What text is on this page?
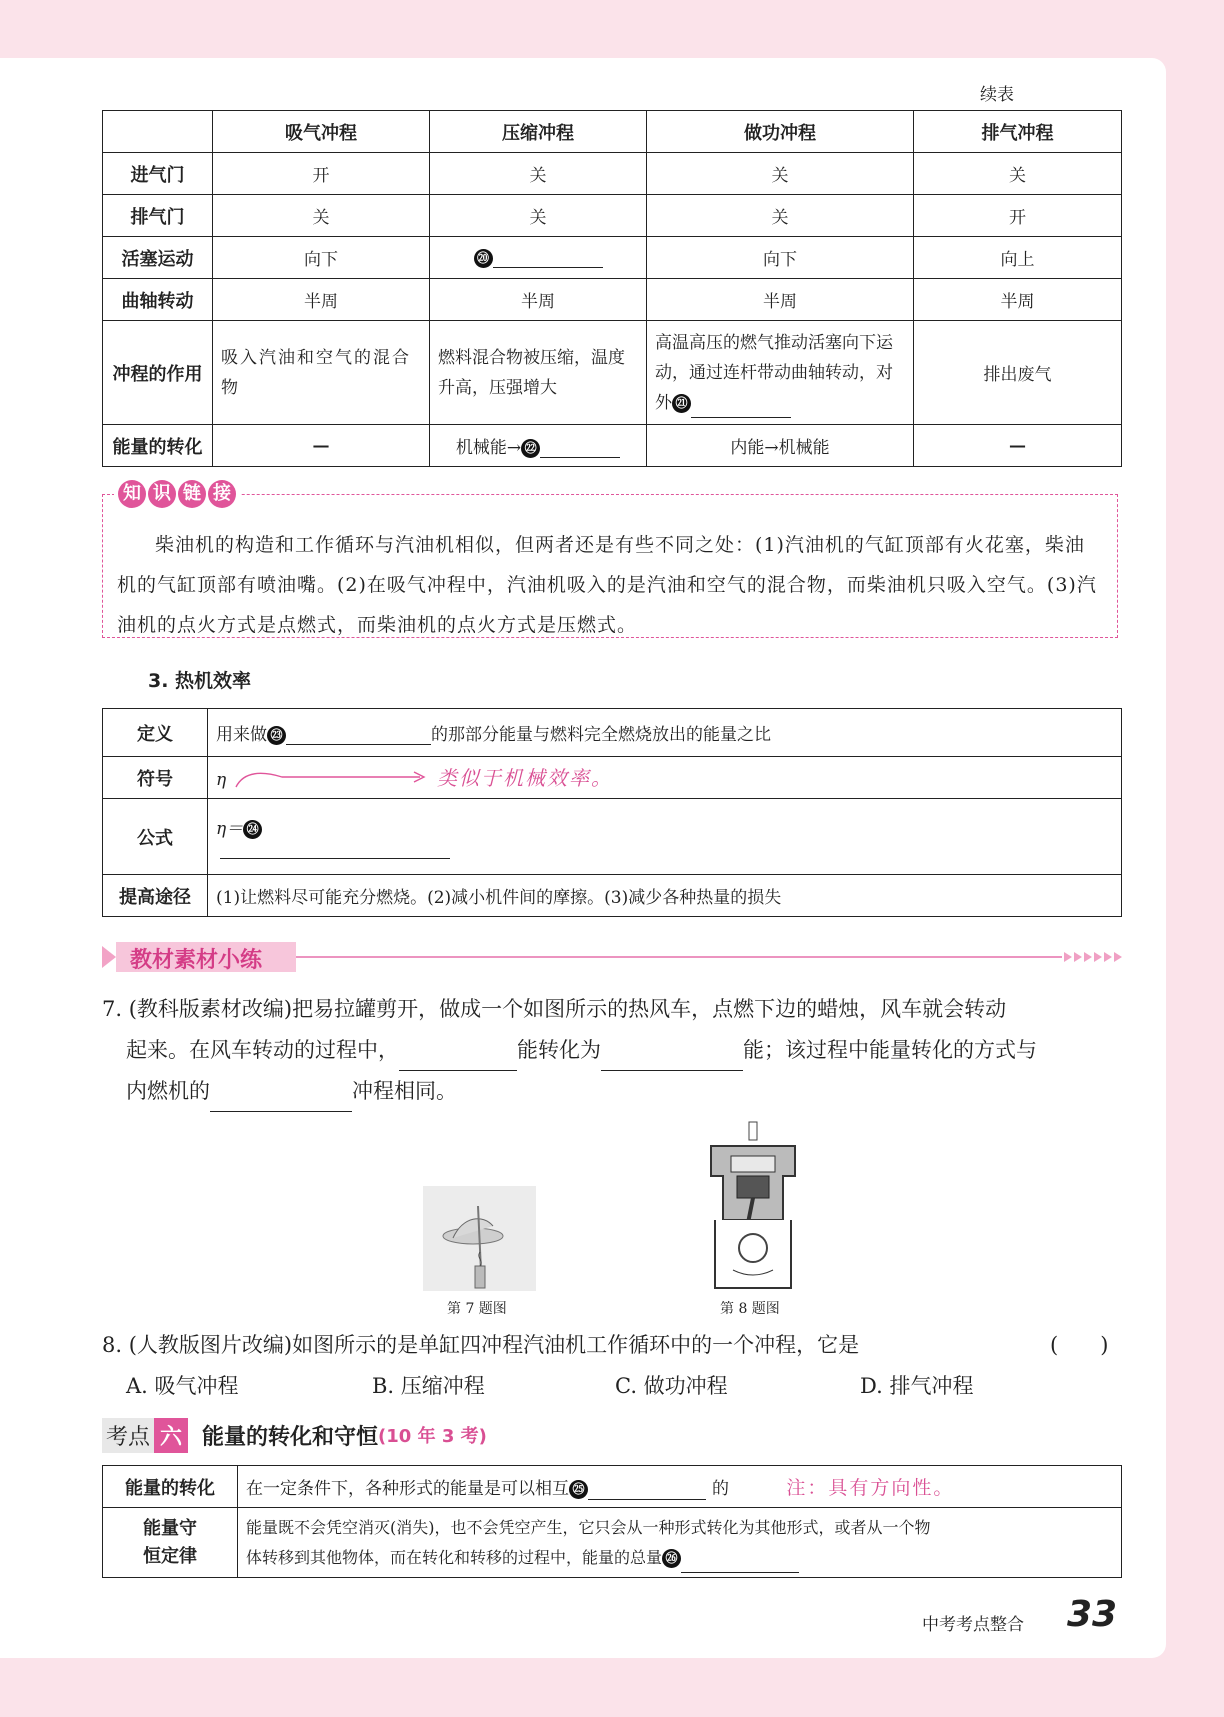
续表
	吸气冲程	压缩冲程	做功冲程	排气冲程
进气门	开	关	关	关
排气门	关	关	关	开
活塞运动	向下	⑳	向下	向上
曲轴转动	半周	半周	半周	半周
冲程的作用	吸入汽油和空气的混合物	燃料混合物被压缩，温度升高，压强增大	高温高压的燃气推动活塞向下运动，通过连杆带动曲轴转动，对外 ㉑	排出废气
能量的转化	—	机械能→ ㉒	内能→机械能	—
柴油机的构造和工作循环与汽油机相似，但两者还是有些不同之处：(1)汽油机的气缸顶部有火花塞，柴油机的气缸顶部有喷油嘴。(2)在吸气冲程中，汽油机吸入的是汽油和空气的混合物，而柴油机只吸入空气。(3)汽油机的点火方式是点燃式，而柴油机的点火方式是压燃式。
知 识 链 接
3. 热机效率
定义	用来做 ㉓ 的那部分能量与燃料完全燃烧放出的能量之比
符号	η 类似于机械效率。
公式	η＝ ㉔

提高途径	(1)让燃料尽可能充分燃烧。(2)减小机件间的摩擦。(3)减少各种热量的损失
教材素材小练
7. (教科版素材改编)把易拉罐剪开，做成一个如图所示的热风车，点燃下边的蜡烛，风车就会转动
起来。在风车转动的过程中，	能转化为	能；该过程中能量转化的方式与
内燃机的	冲程相同。
第 7 题图	第 8 题图
8. (人教版图片改编)如图所示的是单缸四冲程汽油机工作循环中的一个冲程，它是	(　　)
A. 吸气冲程	B. 压缩冲程	C. 做功冲程	D. 排气冲程
考点 六 能量的转化和守恒 (10 年 3 考)
能量的转化	在一定条件下，各种形式的能量是可以相互 ㉕ 的 注：具有方向性。
能量守
恒定律	能量既不会凭空消灭(消失)，也不会凭空产生，它只会从一种形式转化为其他形式，或者从一个物
体转移到其他物体，而在转化和转移的过程中，能量的总量 ㉖
中考考点整合 33
